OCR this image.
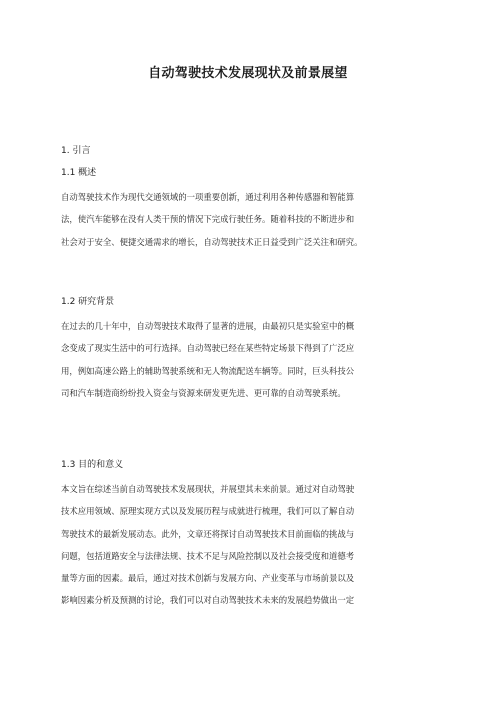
自动驾驶技术发展现状及前景展望
1. 引言
1.1 概述
自动驾驶技术作为现代交通领域的一项重要创新，通过利用各种传感器和智能算
法，使汽车能够在没有人类干预的情况下完成行驶任务。随着科技的不断进步和
社会对于安全、便捷交通需求的增长，自动驾驶技术正日益受到广泛关注和研究。
1.2 研究背景
在过去的几十年中，自动驾驶技术取得了显著的进展，由最初只是实验室中的概
念变成了现实生活中的可行选择。自动驾驶已经在某些特定场景下得到了广泛应
用，例如高速公路上的辅助驾驶系统和无人物流配送车辆等。同时，巨头科技公
司和汽车制造商纷纷投入资金与资源来研发更先进、更可靠的自动驾驶系统。
1.3 目的和意义
本文旨在综述当前自动驾驶技术发展现状，并展望其未来前景。通过对自动驾驶
技术应用领域、原理实现方式以及发展历程与成就进行梳理，我们可以了解自动
驾驶技术的最新发展动态。此外，文章还将探讨自动驾驶技术目前面临的挑战与
问题，包括道路安全与法律法规、技术不足与风险控制以及社会接受度和道德考
量等方面的因素。最后，通过对技术创新与发展方向、产业变革与市场前景以及
影响因素分析及预测的讨论，我们可以对自动驾驶技术未来的发展趋势做出一定
